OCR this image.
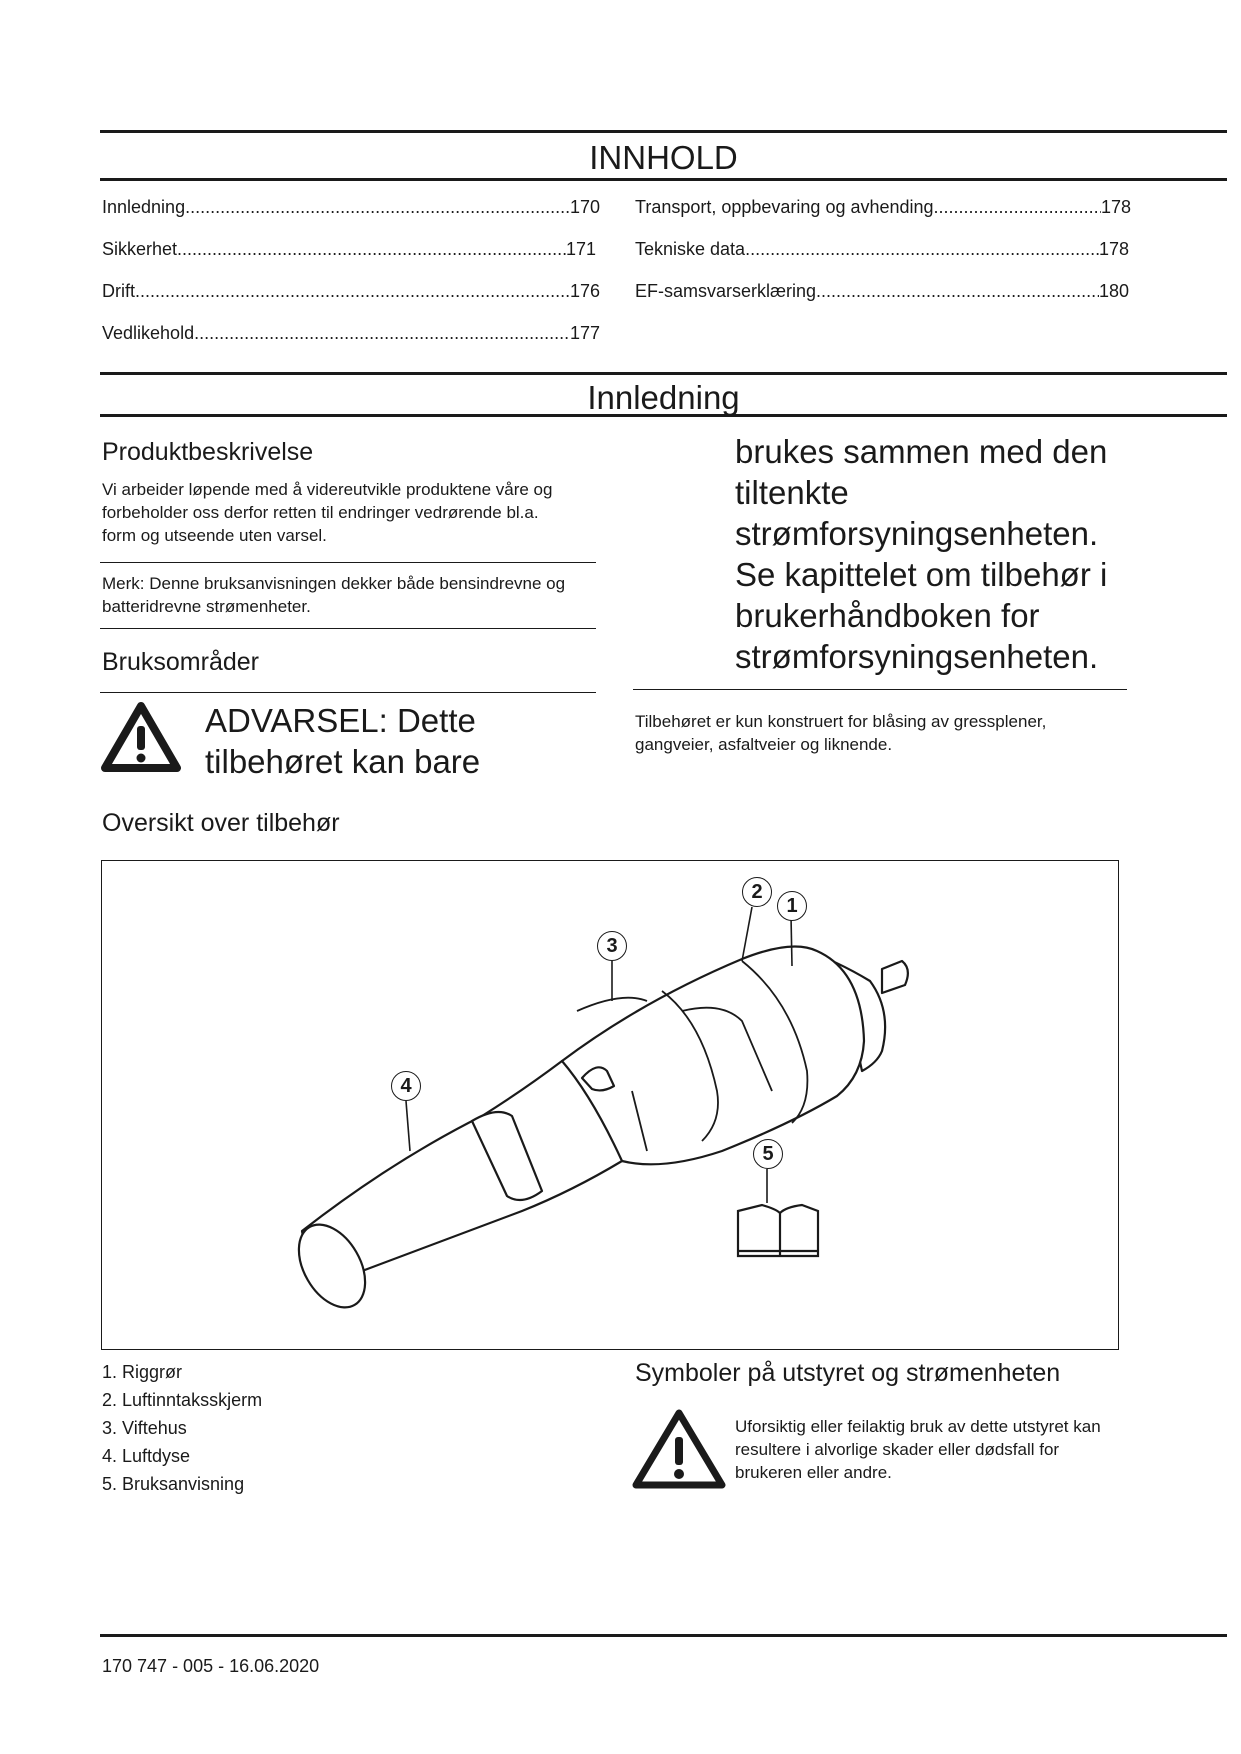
INNHOLD
Innledning .....	170
Sikkerhet .....	171
Drift .....	176
Vedlikehold .....	177
Transport, oppbevaring og avhending .....	178
Tekniske data .....	178
EF-samsvarserklæring .....	180
Innledning
Produktbeskrivelse
Vi arbeider løpende med å videreutvikle produktene våre og forbeholder oss derfor retten til endringer vedrørende bl.a. form og utseende uten varsel.
Merk: Denne bruksanvisningen dekker både bensindrevne og batteridrevne strømenheter.
Bruksområder
ADVARSEL: Dette tilbehøret kan bare
brukes sammen med den tiltenkte strømforsyningsenheten. Se kapittelet om tilbehør i brukerhåndboken for strømforsyningsenheten.
Tilbehøret er kun konstruert for blåsing av gressplener, gangveier, asfaltveier og liknende.
Oversikt over tilbehør
2
1
3
4
5
1. Riggrør
2. Luftinntaksskjerm
3. Viftehus
4. Luftdyse
5. Bruksanvisning
Symboler på utstyret og strømenheten
Uforsiktig eller feilaktig bruk av dette utstyret kan resultere i alvorlige skader eller dødsfall for brukeren eller andre.
170 747 - 005 - 16.06.2020
